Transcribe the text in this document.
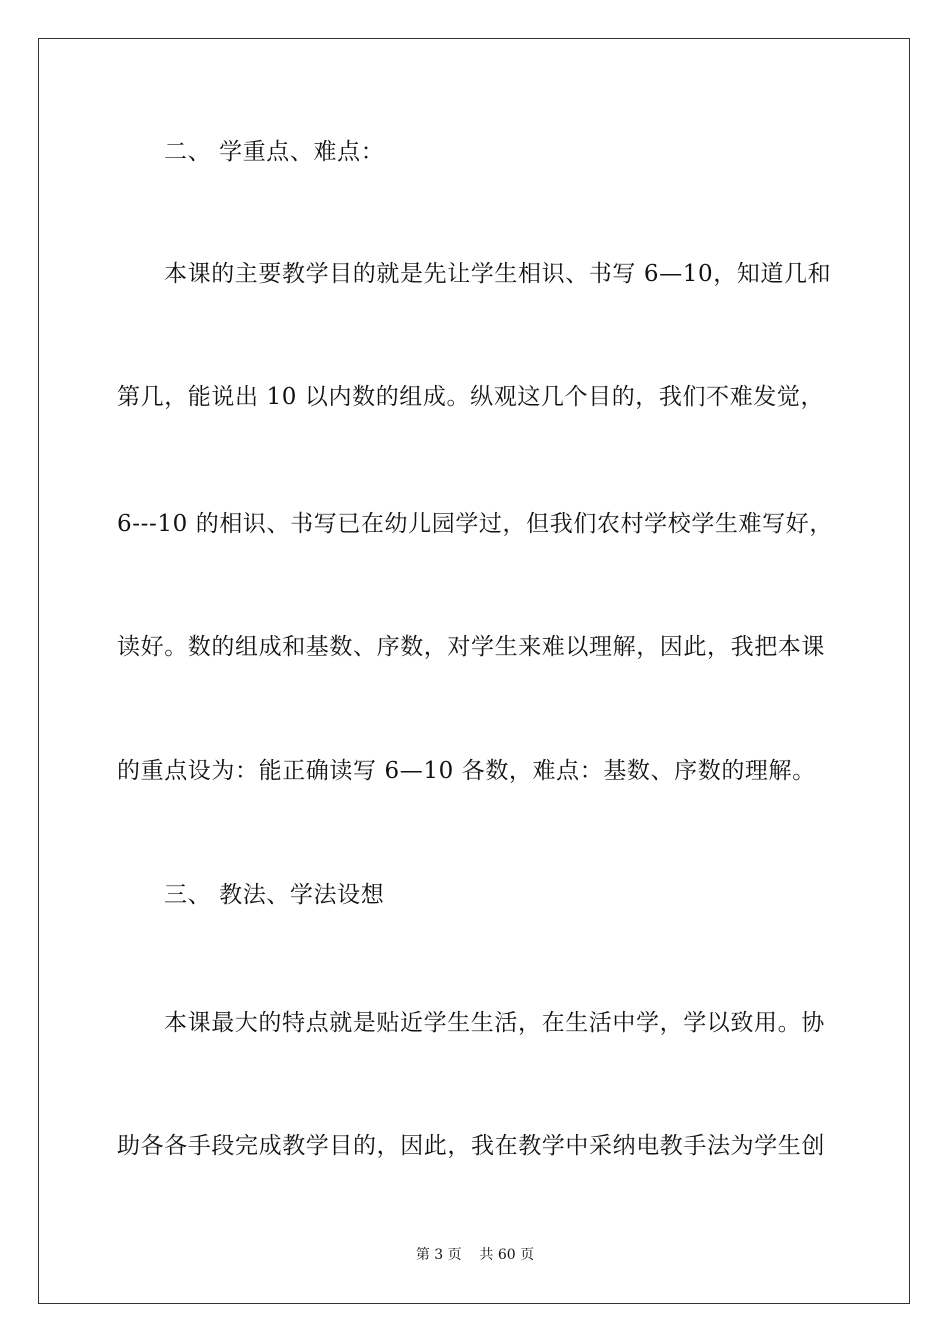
二、 学重点、难点：
本课的主要教学目的就是先让学生相识、书写 6—10，知道几和
第几，能说出 10 以内数的组成。纵观这几个目的，我们不难发觉，
6---10 的相识、书写已在幼儿园学过，但我们农村学校学生难写好，
读好。数的组成和基数、序数，对学生来难以理解，因此，我把本课
的重点设为：能正确读写 6—10 各数，难点：基数、序数的理解。
三、 教法、学法设想
本课最大的特点就是贴近学生生活，在生活中学，学以致用。协
助各各手段完成教学目的，因此，我在教学中采纳电教手法为学生创
第 3 页    共 60 页
